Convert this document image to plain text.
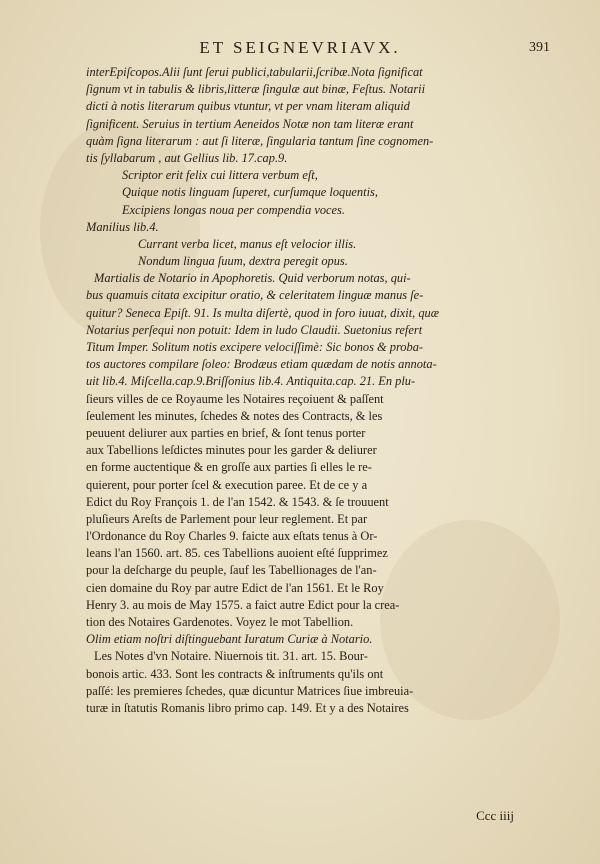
ET SEIGNEVRIAVX.	391
interEpiſcopos.Alii ſunt ſerui publici,tabularii,ſcribæ.Nota ſignificat
ſignum vt in tabulis & libris,litteræ ſingulæ aut binæ, Feſtus. Notarii
dicti à notis literarum quibus vtuntur, vt per vnam literam aliquid
ſignificent. Seruius in tertium Aeneidos Notæ non tam literæ erant
quàm ſigna literarum : aut ſi literæ, ſingularia tantum ſine cognomen-
tis ſyllabarum , aut Gellius lib. 17.cap.9.
Scriptor erit felix cui littera verbum eſt,
Quique notis linguam ſuperet, curſumque loquentis,
Excipiens longas noua per compendia voces.
Manilius lib.4.
Currant verba licet, manus eſt velocior illis.
Nondum lingua ſuum, dextra peregit opus.
Martialis de Notario in Apophoretis. Quid verborum notas, qui-
bus quamuis citata excipitur oratio, & celeritatem linguæ manus ſe-
quitur? Seneca Epiſt. 91. Is multa diſertè, quod in foro iuuat, dixit, quæ
Notarius perſequi non potuit: Idem in ludo Claudii. Suetonius refert
Titum Imper. Solitum notis excipere velociſſimè: Sic bonos & proba-
tos auctores compilare ſoleo: Brodæus etiam quædam de notis annota-
uit lib.4. Miſcella.cap.9.Briſſonius lib.4. Antiquita.cap. 21. En plu-
ſieurs villes de ce Royaume les Notaires reçoiuent & paſſent
ſeulement les minutes, ſchedes & notes des Contracts, & les
peuuent deliurer aux parties en brief, & ſont tenus porter
aux Tabellions leſdictes minutes pour les garder & deliurer
en forme auctentique & en groſſe aux parties ſi elles le re-
quierent, pour porter ſcel & execution paree. Et de ce y a
Edict du Roy François 1. de l'an 1542. & 1543. & ſe trouuent
pluſieurs Areſts de Parlement pour leur reglement. Et par
l'Ordonance du Roy Charles 9. faicte aux eſtats tenus à Or-
leans l'an 1560. art. 85. ces Tabellions auoient eſté ſupprimez
pour la deſcharge du peuple, ſauf les Tabellionages de l'an-
cien domaine du Roy par autre Edict de l'an 1561. Et le Roy
Henry 3. au mois de May 1575. a faict autre Edict pour la crea-
tion des Notaires Gardenotes. Voyez le mot Tabellion.
Olim etiam noſtri diſtinguebant Iuratum Curiæ à Notario.
Les Notes d'vn Notaire. Niuernois tit. 31. art. 15. Bour-
bonois artic. 433. Sont les contracts & inſtruments qu'ils ont
paſſé: les premieres ſchedes, quæ dicuntur Matrices ſiue imbreuia-
turæ in ſtatutis Romanis libro primo cap. 149. Et y a des Notaires
Ccc iiij
